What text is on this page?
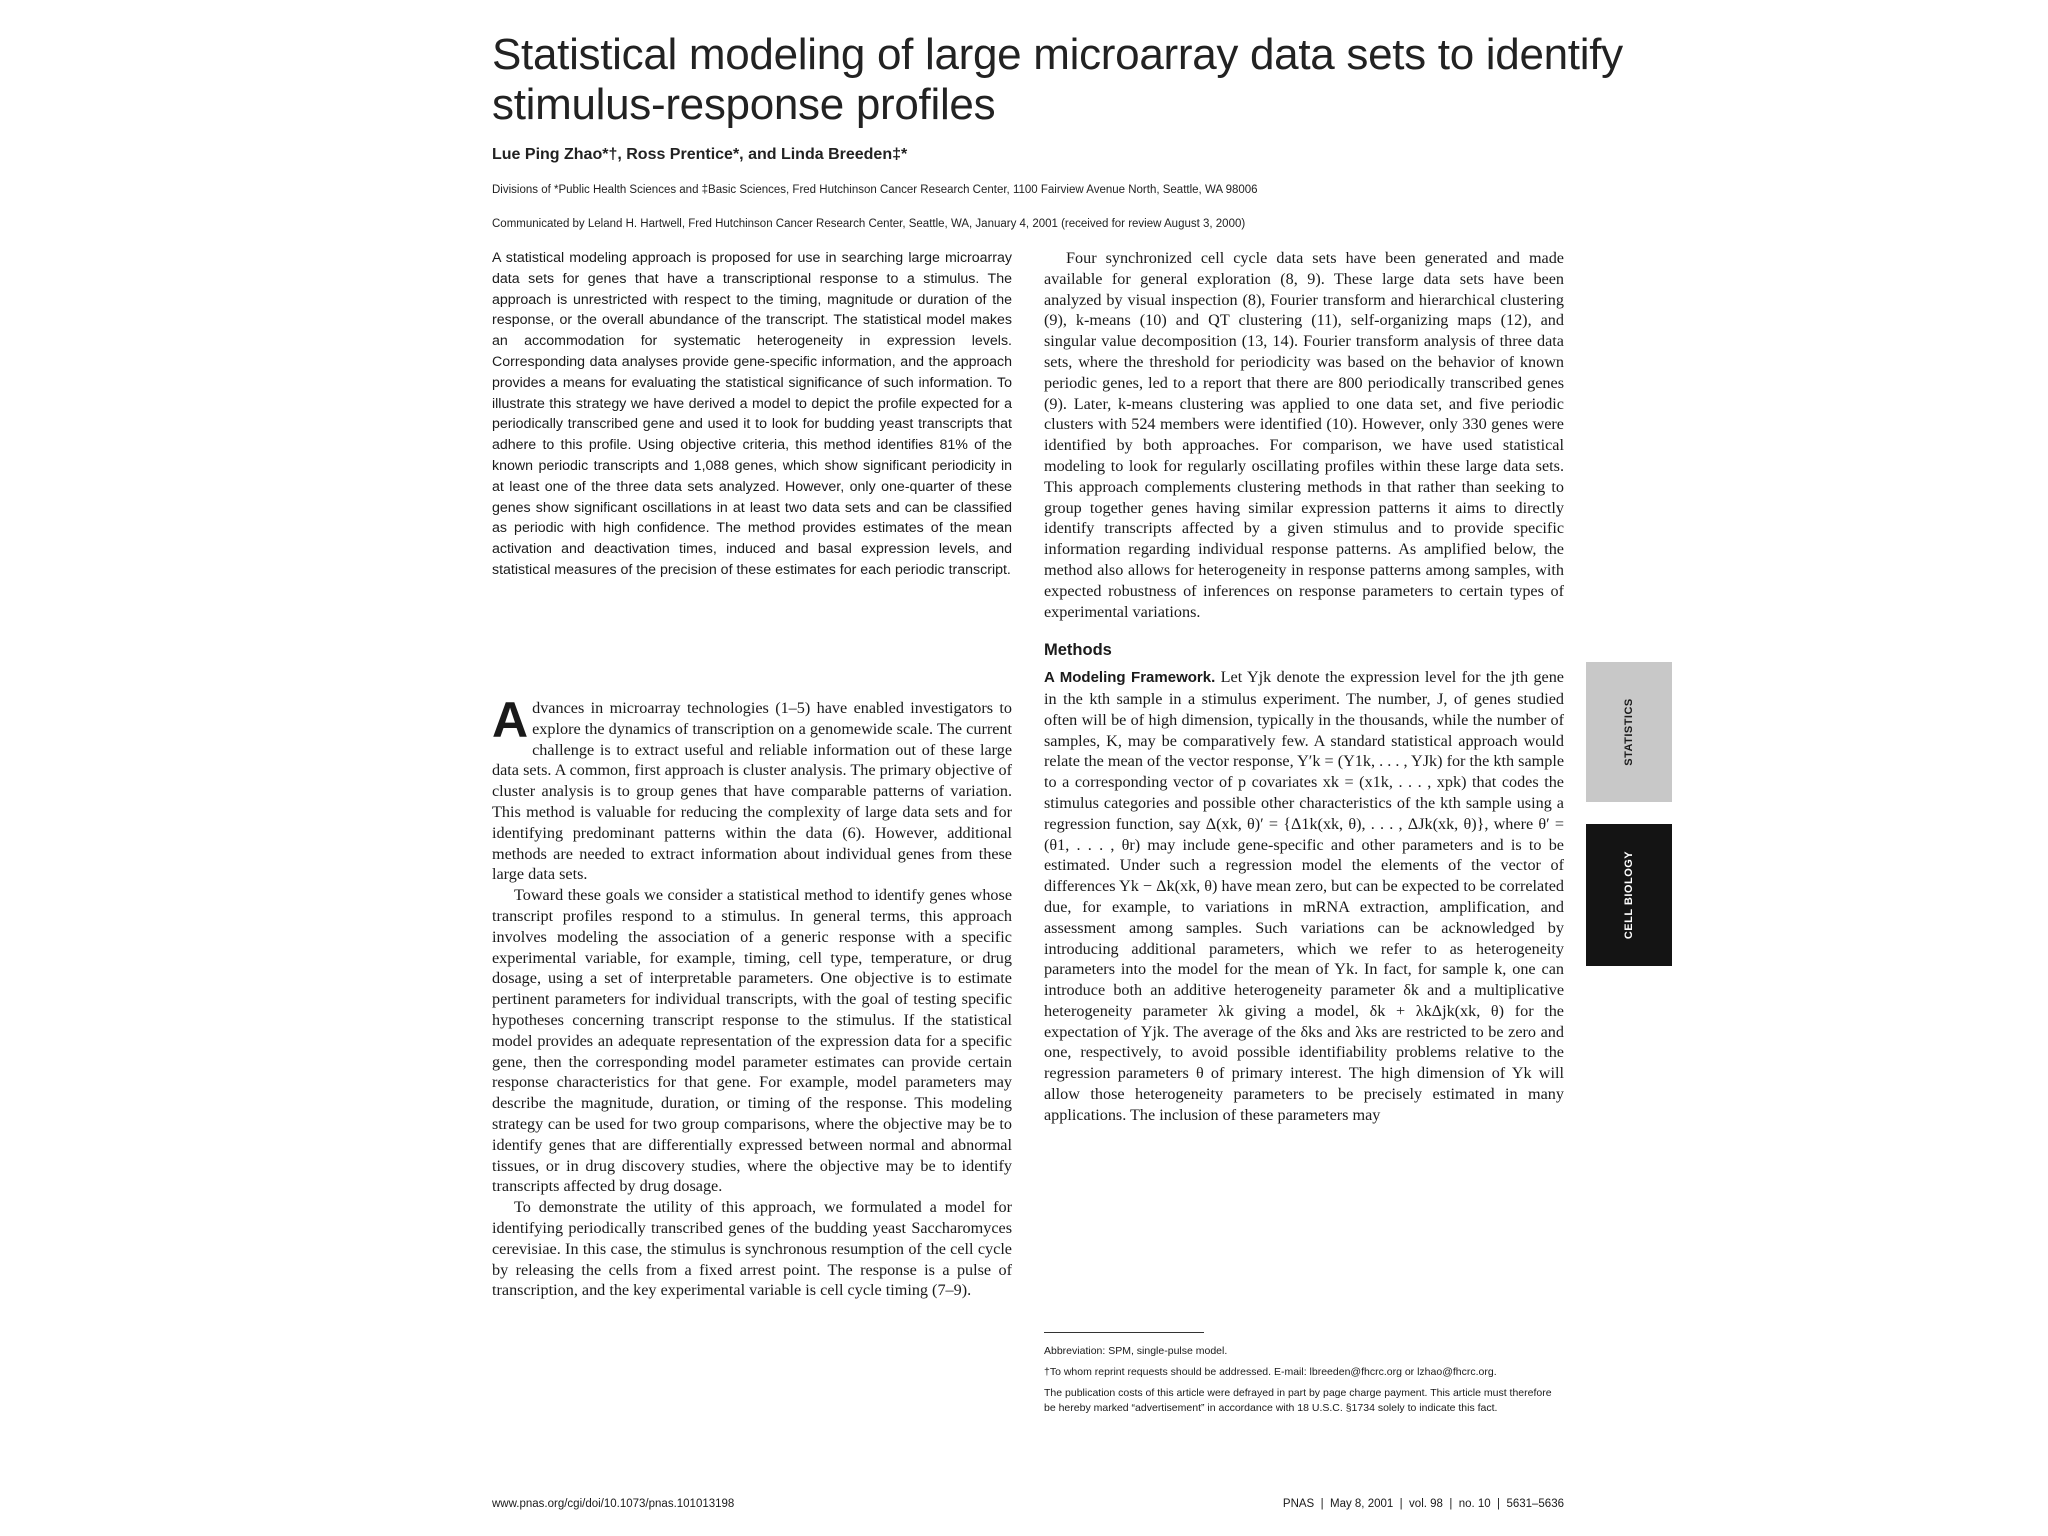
Statistical modeling of large microarray data sets to identify stimulus-response profiles
Lue Ping Zhao*†, Ross Prentice*, and Linda Breeden‡*
Divisions of *Public Health Sciences and ‡Basic Sciences, Fred Hutchinson Cancer Research Center, 1100 Fairview Avenue North, Seattle, WA 98006
Communicated by Leland H. Hartwell, Fred Hutchinson Cancer Research Center, Seattle, WA, January 4, 2001 (received for review August 3, 2000)
A statistical modeling approach is proposed for use in searching large microarray data sets for genes that have a transcriptional response to a stimulus. The approach is unrestricted with respect to the timing, magnitude or duration of the response, or the overall abundance of the transcript. The statistical model makes an accommodation for systematic heterogeneity in expression levels. Corresponding data analyses provide gene-specific information, and the approach provides a means for evaluating the statistical significance of such information. To illustrate this strategy we have derived a model to depict the profile expected for a periodically transcribed gene and used it to look for budding yeast transcripts that adhere to this profile. Using objective criteria, this method identifies 81% of the known periodic transcripts and 1,088 genes, which show significant periodicity in at least one of the three data sets analyzed. However, only one-quarter of these genes show significant oscillations in at least two data sets and can be classified as periodic with high confidence. The method provides estimates of the mean activation and deactivation times, induced and basal expression levels, and statistical measures of the precision of these estimates for each periodic transcript.

Advances in microarray technologies (1–5) have enabled investigators to explore the dynamics of transcription on a genomewide scale. The current challenge is to extract useful and reliable information out of these large data sets. A common, first approach is cluster analysis. The primary objective of cluster analysis is to group genes that have comparable patterns of variation. This method is valuable for reducing the complexity of large data sets and for identifying predominant patterns within the data (6). However, additional methods are needed to extract information about individual genes from these large data sets.

Toward these goals we consider a statistical method to identify genes whose transcript profiles respond to a stimulus. In general terms, this approach involves modeling the association of a generic response with a specific experimental variable, for example, timing, cell type, temperature, or drug dosage, using a set of interpretable parameters. One objective is to estimate pertinent parameters for individual transcripts, with the goal of testing specific hypotheses concerning transcript response to the stimulus. If the statistical model provides an adequate representation of the expression data for a specific gene, then the corresponding model parameter estimates can provide certain response characteristics for that gene. For example, model parameters may describe the magnitude, duration, or timing of the response. This modeling strategy can be used for two group comparisons, where the objective may be to identify genes that are differentially expressed between normal and abnormal tissues, or in drug discovery studies, where the objective may be to identify transcripts affected by drug dosage.

To demonstrate the utility of this approach, we formulated a model for identifying periodically transcribed genes of the budding yeast Saccharomyces cerevisiae. In this case, the stimulus is synchronous resumption of the cell cycle by releasing the cells from a fixed arrest point. The response is a pulse of transcription, and the key experimental variable is cell cycle timing (7–9).

Four synchronized cell cycle data sets have been generated and made available for general exploration (8, 9). These large data sets have been analyzed by visual inspection (8), Fourier transform and hierarchical clustering (9), k-means (10) and QT clustering (11), self-organizing maps (12), and singular value decomposition (13, 14). Fourier transform analysis of three data sets, where the threshold for periodicity was based on the behavior of known periodic genes, led to a report that there are 800 periodically transcribed genes (9). Later, k-means clustering was applied to one data set, and five periodic clusters with 524 members were identified (10). However, only 330 genes were identified by both approaches. For comparison, we have used statistical modeling to look for regularly oscillating profiles within these large data sets. This approach complements clustering methods in that rather than seeking to group together genes having similar expression patterns it aims to directly identify transcripts affected by a given stimulus and to provide specific information regarding individual response patterns. As amplified below, the method also allows for heterogeneity in response patterns among samples, with expected robustness of inferences on response parameters to certain types of experimental variations.

Methods

A Modeling Framework. Let Yjk denote the expression level for the jth gene in the kth sample in a stimulus experiment. The number, J, of genes studied often will be of high dimension, typically in the thousands, while the number of samples, K, may be comparatively few. A standard statistical approach would relate the mean of the vector response, Y′k = (Y1k, . . . , YJk) for the kth sample to a corresponding vector of p covariates xk = (x1k, . . . , xpk) that codes the stimulus categories and possible other characteristics of the kth sample using a regression function, say Δ(xk, θ)′ = {Δ1k(xk, θ), . . . , ΔJk(xk, θ)}, where θ′ = (θ1, . . . , θr) may include gene-specific and other parameters and is to be estimated. Under such a regression model the elements of the vector of differences Yk − Δk(xk, θ) have mean zero, but can be expected to be correlated due, for example, to variations in mRNA extraction, amplification, and assessment among samples. Such variations can be acknowledged by introducing additional parameters, which we refer to as heterogeneity parameters into the model for the mean of Yk. In fact, for sample k, one can introduce both an additive heterogeneity parameter δk and a multiplicative heterogeneity parameter λk giving a model, δk + λkΔjk(xk, θ) for the expectation of Yjk. The average of the δks and λks are restricted to be zero and one, respectively, to avoid possible identifiability problems relative to the regression parameters θ of primary interest. The high dimension of Yk will allow those heterogeneity parameters to be precisely estimated in many applications. The inclusion of these parameters may

Abbreviation: SPM, single-pulse model.

†To whom reprint requests should be addressed. E-mail: lbreeden@fhcrc.org or lzhao@fhcrc.org.

The publication costs of this article were defrayed in part by page charge payment. This article must therefore be hereby marked “advertisement” in accordance with 18 U.S.C. §1734 solely to indicate this fact.

www.pnas.org/cgi/doi/10.1073/pnas.101013198	PNAS  |  May 8, 2001  |  vol. 98  |  no. 10  |  5631–5636
STATISTICS
CELL BIOLOGY
